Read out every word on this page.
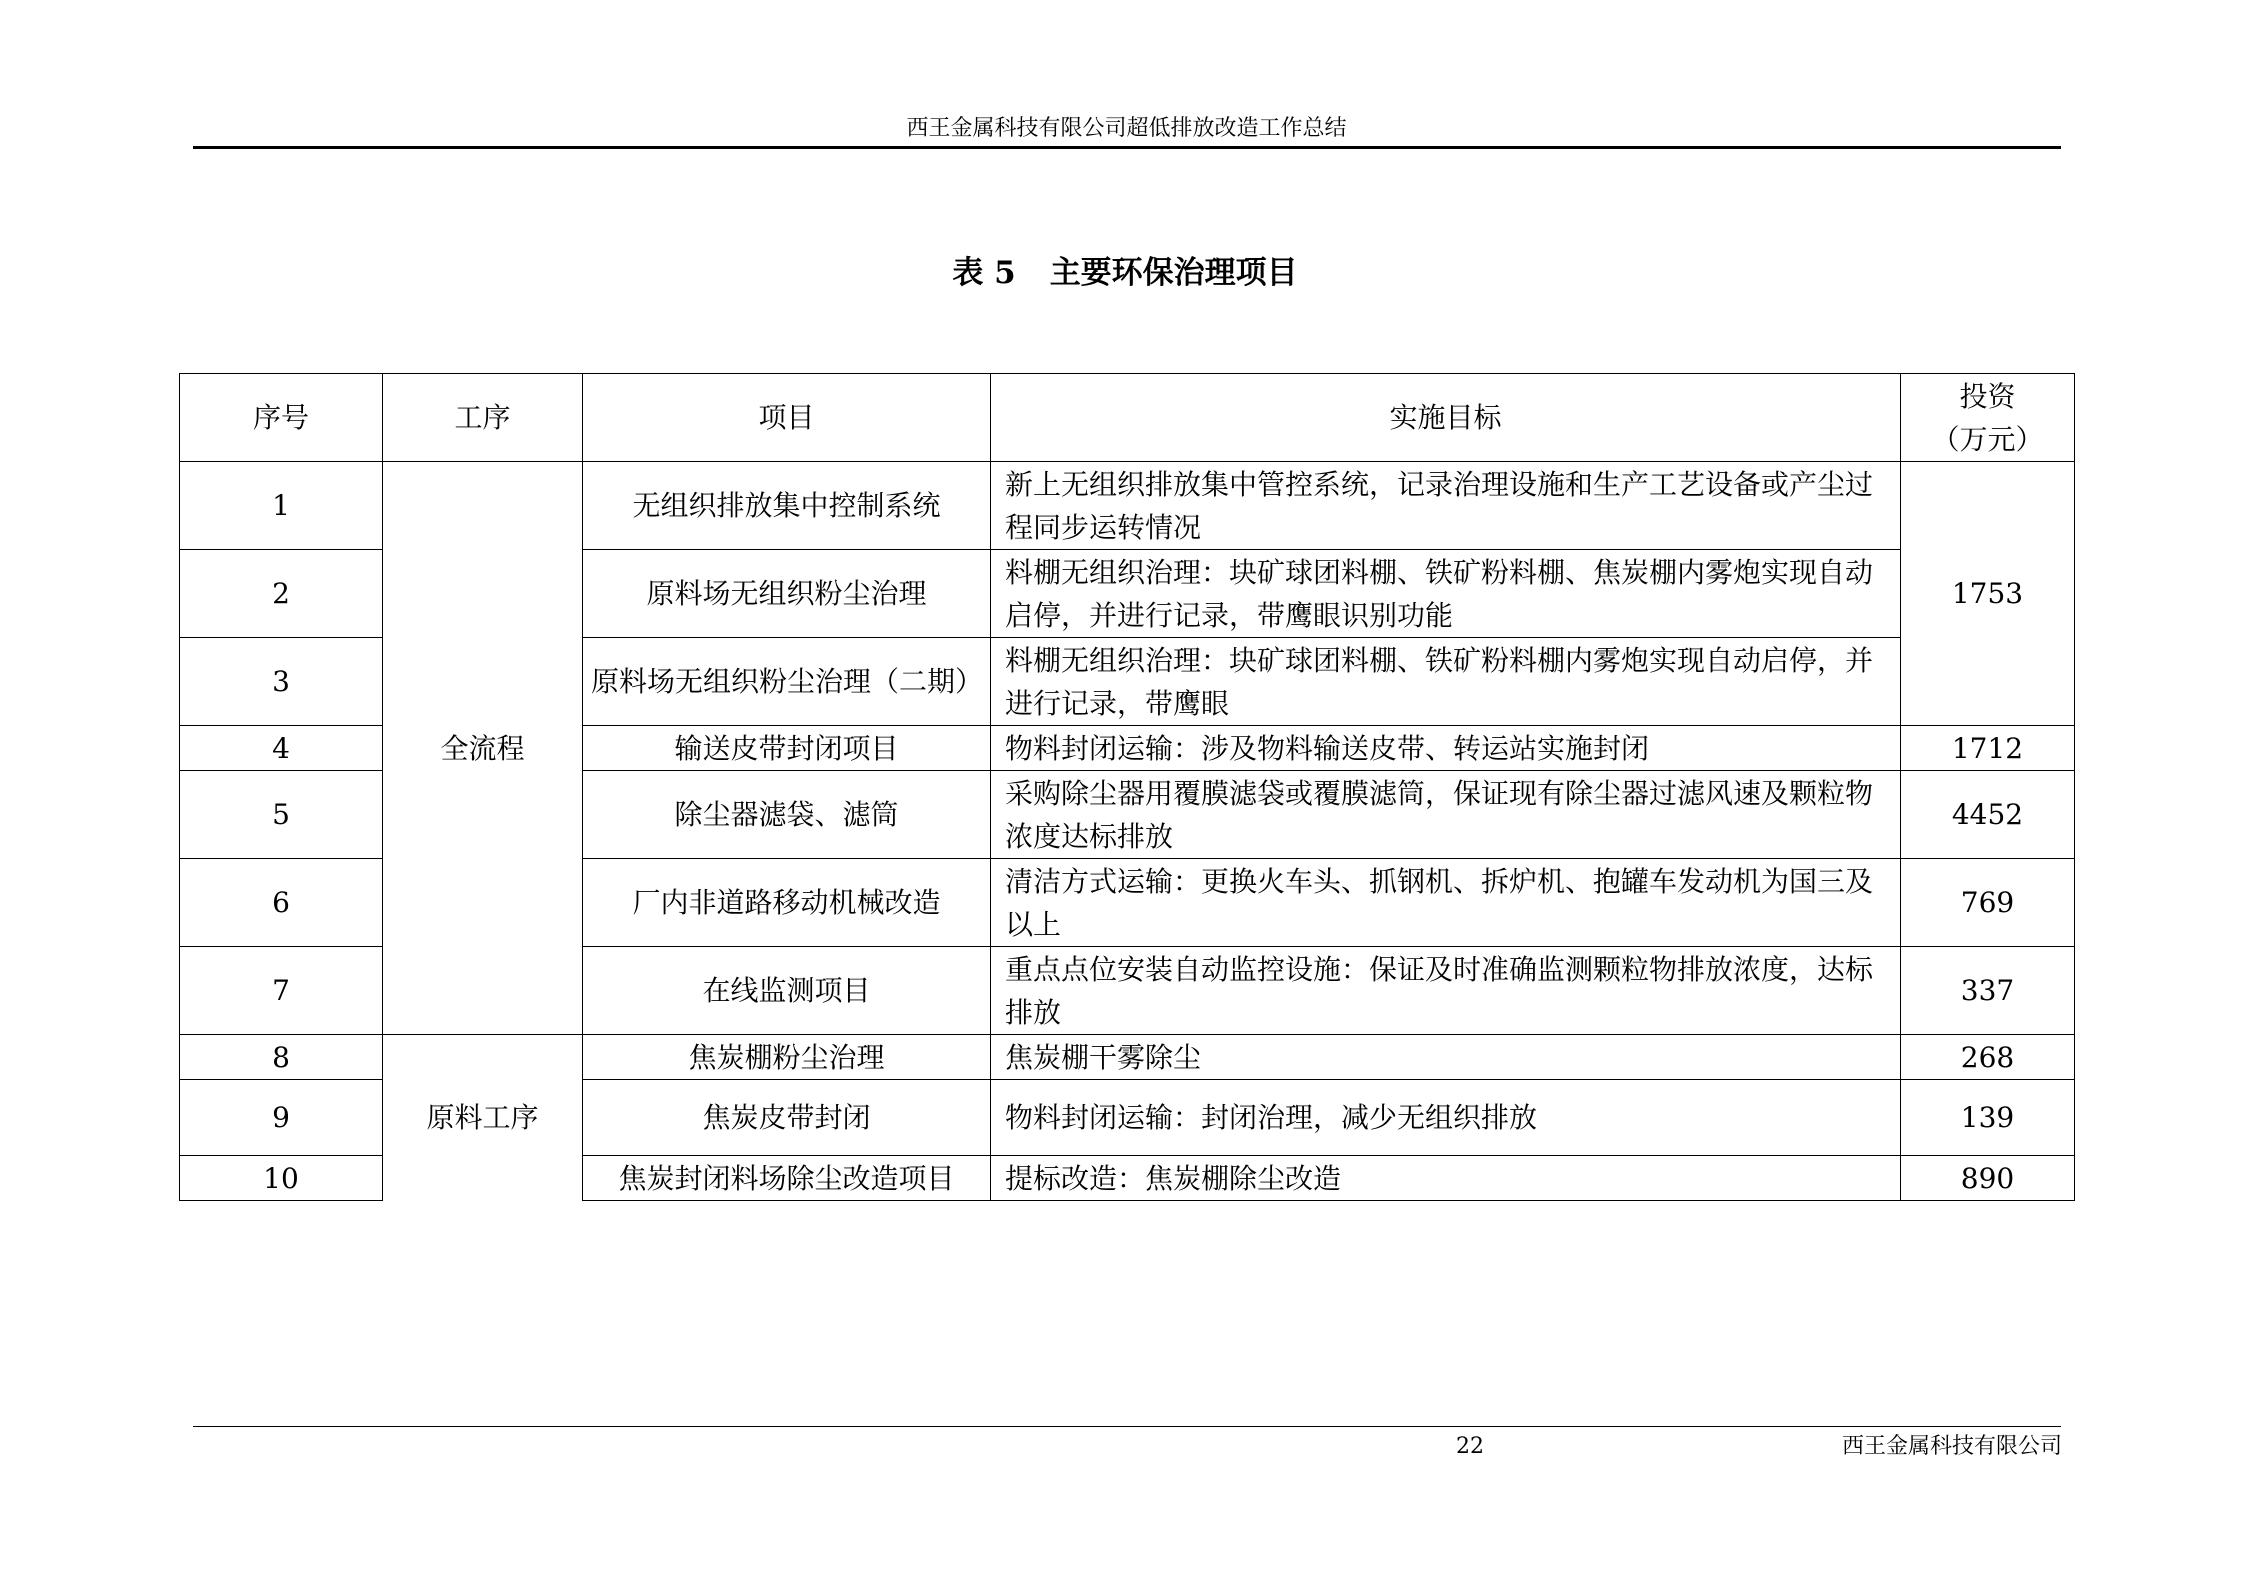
西王金属科技有限公司超低排放改造工作总结
表 5 主要环保治理项目
序号	工序	项目	实施目标	投资
（万元）

1	全流程	无组织排放集中控制系统	新上无组织排放集中管控系统，记录治理设施和生产工艺设备或产尘过程同步运转情况	1753
2		原料场无组织粉尘治理	料棚无组织治理：块矿球团料棚、铁矿粉料棚、焦炭棚内雾炮实现自动启停，并进行记录，带鹰眼识别功能	
3		原料场无组织粉尘治理（二期）	料棚无组织治理：块矿球团料棚、铁矿粉料棚内雾炮实现自动启停，并进行记录，带鹰眼	
4		输送皮带封闭项目	物料封闭运输：涉及物料输送皮带、转运站实施封闭	1712
5		除尘器滤袋、滤筒	采购除尘器用覆膜滤袋或覆膜滤筒，保证现有除尘器过滤风速及颗粒物浓度达标排放	4452
6		厂内非道路移动机械改造	清洁方式运输：更换火车头、抓钢机、拆炉机、抱罐车发动机为国三及以上	769
7		在线监测项目	重点点位安装自动监控设施：保证及时准确监测颗粒物排放浓度，达标排放	337
8	原料工序	焦炭棚粉尘治理	焦炭棚干雾除尘	268
9		焦炭皮带封闭	物料封闭运输：封闭治理，减少无组织排放	139
10		焦炭封闭料场除尘改造项目	提标改造：焦炭棚除尘改造	890
22	西王金属科技有限公司
